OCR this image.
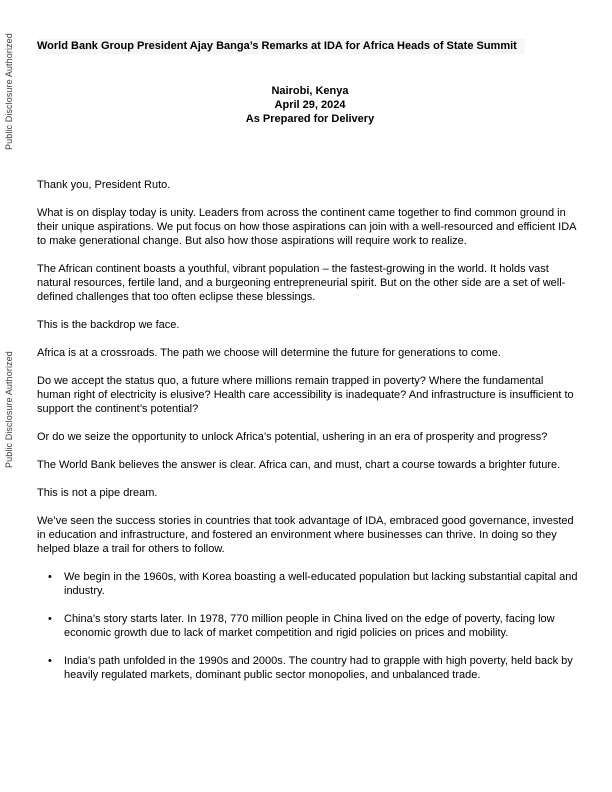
Public Disclosure Authorized
Public Disclosure Authorized
World Bank Group President Ajay Banga’s Remarks at IDA for Africa Heads of State Summit
Nairobi, Kenya
April 29, 2024
As Prepared for Delivery

Thank you, President Ruto.

What is on display today is unity. Leaders from across the continent came together to find common ground in their unique aspirations. We put focus on how those aspirations can join with a well-resourced and efficient IDA to make generational change. But also how those aspirations will require work to realize.

The African continent boasts a youthful, vibrant population – the fastest-growing in the world. It holds vast natural resources, fertile land, and a burgeoning entrepreneurial spirit. But on the other side are a set of well-defined challenges that too often eclipse these blessings.

This is the backdrop we face.

Africa is at a crossroads. The path we choose will determine the future for generations to come.

Do we accept the status quo, a future where millions remain trapped in poverty? Where the fundamental human right of electricity is elusive? Health care accessibility is inadequate? And infrastructure is insufficient to support the continent’s potential?

Or do we seize the opportunity to unlock Africa’s potential, ushering in an era of prosperity and progress?

The World Bank believes the answer is clear. Africa can, and must, chart a course towards a brighter future.

This is not a pipe dream.

We’ve seen the success stories in countries that took advantage of IDA, embraced good governance, invested in education and infrastructure, and fostered an environment where businesses can thrive. In doing so they helped blaze a trail for others to follow.

• We begin in the 1960s, with Korea boasting a well-educated population but lacking substantial capital and industry.
• China’s story starts later. In 1978, 770 million people in China lived on the edge of poverty, facing low economic growth due to lack of market competition and rigid policies on prices and mobility.
• India’s path unfolded in the 1990s and 2000s. The country had to grapple with high poverty, held back by heavily regulated markets, dominant public sector monopolies, and unbalanced trade.
